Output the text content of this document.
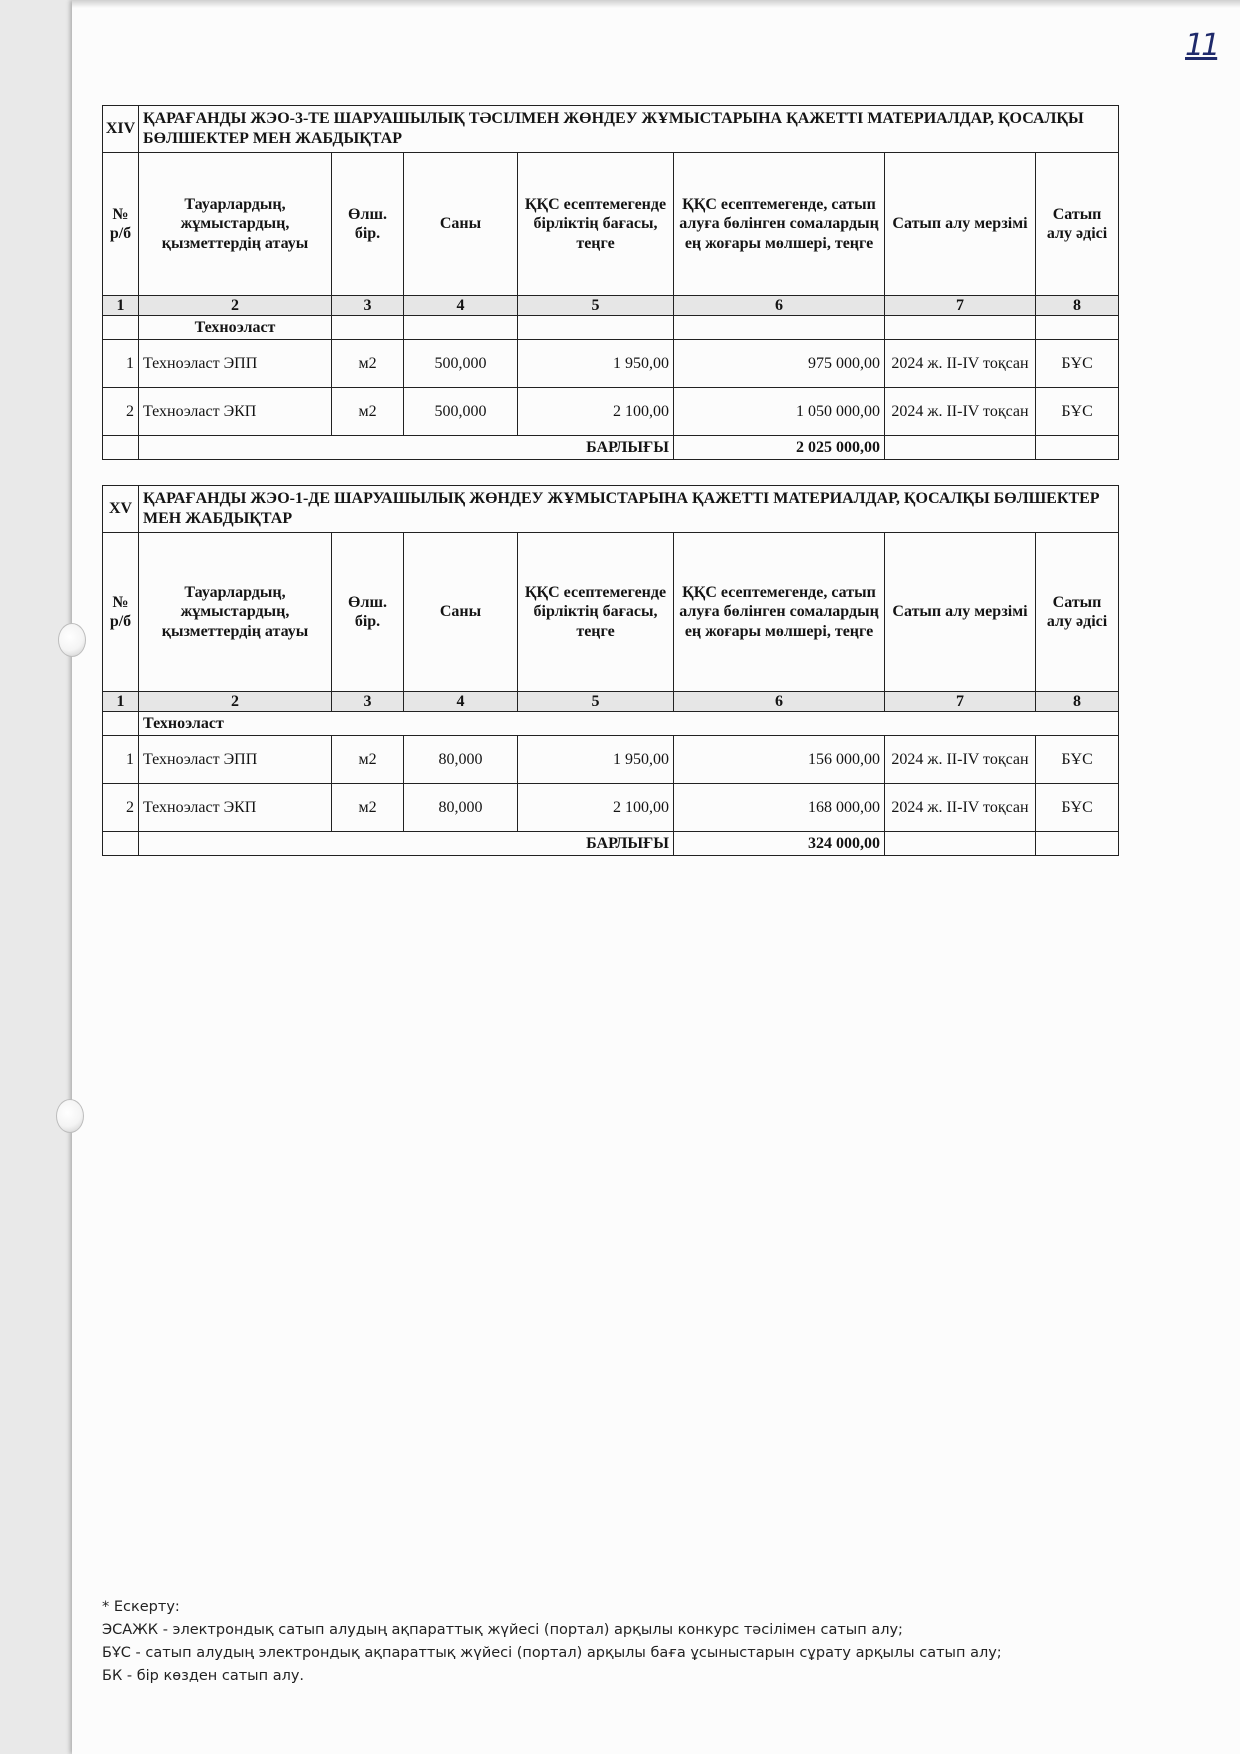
11
XIV	ҚАРАҒАНДЫ ЖЭО-3-ТЕ ШАРУАШЫЛЫҚ ТӘСІЛМЕН ЖӨНДЕУ ЖҰМЫСТАРЫНА ҚАЖЕТТІ МАТЕРИАЛДАР, ҚОСАЛҚЫ БӨЛШЕКТЕР МЕН ЖАБДЫҚТАР						
№ р/б	Тауарлардың, жұмыстардың, қызметтердің атауы	Өлш. бір.	Саны	ҚҚС есептемегенде бірліктің бағасы, теңге	ҚҚС есептемегенде, сатып алуға бөлінген сомалардың ең жоғары мөлшері, теңге	Сатып алу мерзімі	Сатып алу әдісі
1	2	3	4	5	6	7	8
	Техноэласт						
1	Техноэласт ЭПП	м2	500,000	1 950,00	975 000,00	2024 ж. II-IV тоқсан	БҰС
2	Техноэласт ЭКП	м2	500,000	2 100,00	1 050 000,00	2024 ж. II-IV тоқсан	БҰС
	БАРЛЫҒЫ				2 025 000,00		
XV	ҚАРАҒАНДЫ ЖЭО-1-ДЕ ШАРУАШЫЛЫҚ ЖӨНДЕУ ЖҰМЫСТАРЫНА ҚАЖЕТТІ МАТЕРИАЛДАР, ҚОСАЛҚЫ БӨЛШЕКТЕР МЕН ЖАБДЫҚТАР						
№ р/б	Тауарлардың, жұмыстардың, қызметтердің атауы	Өлш. бір.	Саны	ҚҚС есептемегенде бірліктің бағасы, теңге	ҚҚС есептемегенде, сатып алуға бөлінген сомалардың ең жоғары мөлшері, теңге	Сатып алу мерзімі	Сатып алу әдісі
1	2	3	4	5	6	7	8
	Техноэласт						
1	Техноэласт ЭПП	м2	80,000	1 950,00	156 000,00	2024 ж. II-IV тоқсан	БҰС
2	Техноэласт ЭКП	м2	80,000	2 100,00	168 000,00	2024 ж. II-IV тоқсан	БҰС
	БАРЛЫҒЫ				324 000,00		
* Ескерту:
ЭСАЖК - электрондық сатып алудың ақпараттық жүйесі (портал) арқылы конкурс тәсілімен сатып алу;
БҰС - сатып алудың электрондық ақпараттық жүйесі (портал) арқылы баға ұсыныстарын сұрату арқылы сатып алу;
БК - бір көзден сатып алу.
